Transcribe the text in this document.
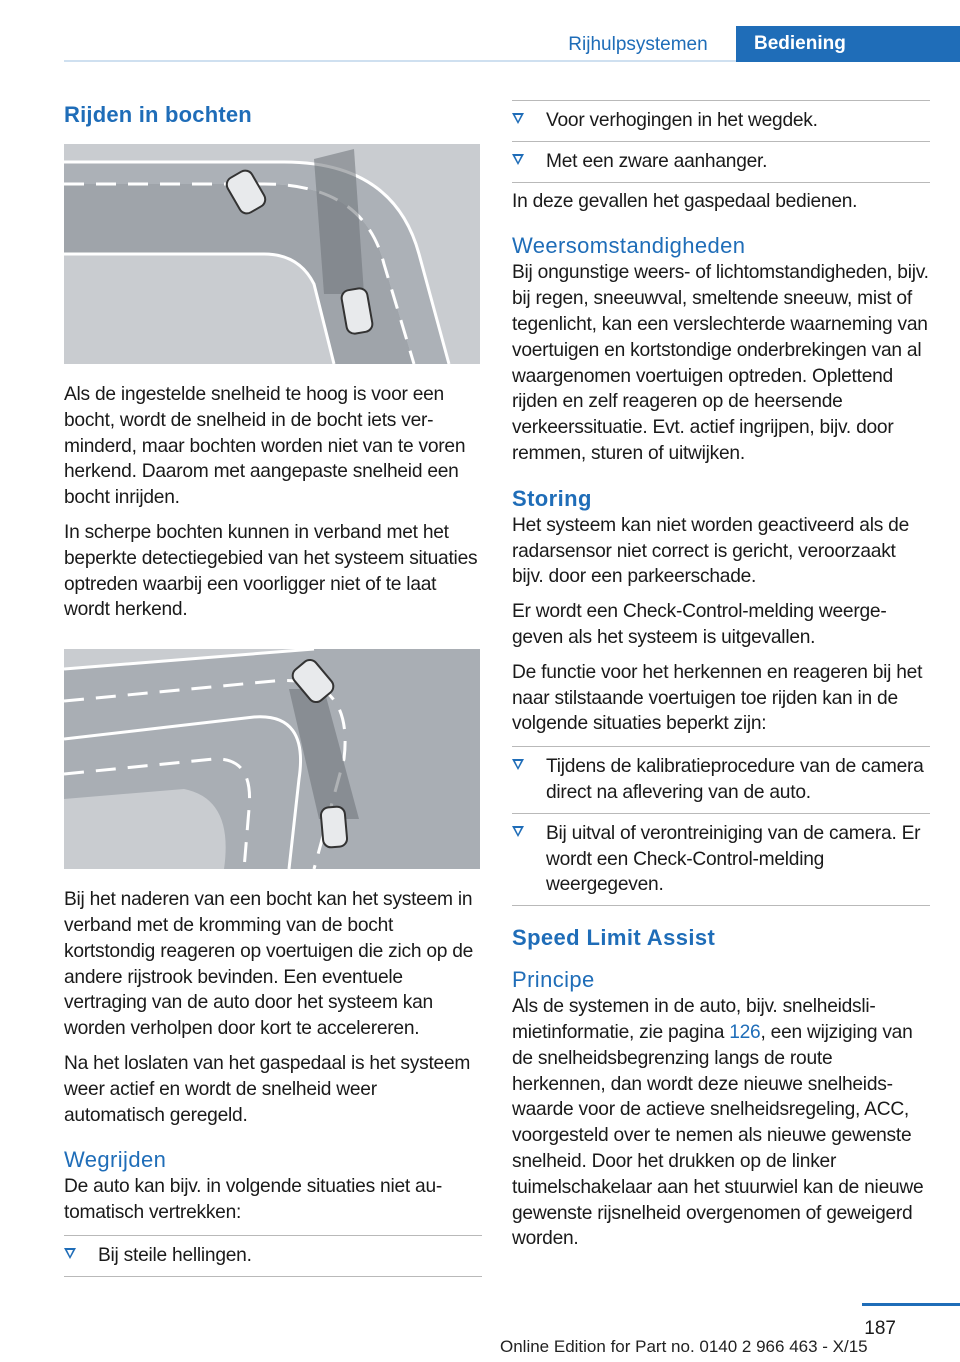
Rijhulpsystemen	Bediening
Rijden in bochten

Als de ingestelde snelheid te hoog is voor een bocht, wordt de snelheid in de bocht iets verminderd, maar bochten worden niet van te voren herkend. Daarom met aangepaste snelheid een bocht inrijden.

In scherpe bochten kunnen in verband met het beperkte detectiegebied van het systeem situaties optreden waarbij een voorligger niet of te laat wordt herkend.

Bij het naderen van een bocht kan het systeem in verband met de kromming van de bocht kortstondig reageren op voertuigen die zich op de andere rijstrook bevinden. Een eventuele vertraging van de auto door het systeem kan worden verholpen door kort te accelereren.

Na het loslaten van het gaspedaal is het systeem weer actief en wordt de snelheid weer automatisch geregeld.

Wegrijden

De auto kan bijv. in volgende situaties niet automatisch vertrekken:

Bij steile hellingen.
Voor verhogingen in het wegdek.
Met een zware aanhanger.

In deze gevallen het gaspedaal bedienen.

Weersomstandigheden

Bij ongunstige weers- of lichtomstandigheden, bijv. bij regen, sneeuwval, smeltende sneeuw, mist of tegenlicht, kan een verslechterde waarneming van voertuigen en kortstondige onderbrekingen van al waargenomen voertuigen optreden. Oplettend rijden en zelf reageren op de heersende verkeerssituatie. Evt. actief ingrijpen, bijv. door remmen, sturen of uitwijken.

Storing

Het systeem kan niet worden geactiveerd als de radarsensor niet correct is gericht, veroorzaakt bijv. door een parkeerschade.

Er wordt een Check-Control-melding weergegeven als het systeem is uitgevallen.

De functie voor het herkennen en reageren bij het naar stilstaande voertuigen toe rijden kan in de volgende situaties beperkt zijn:

Tijdens de kalibratieprocedure van de camera direct na aflevering van de auto.
Bij uitval of verontreiniging van de camera. Er wordt een Check-Control-melding weergegeven.
Speed Limit Assist
Principe

Als de systemen in de auto, bijv. snelheidslimietinformatie, zie pagina 126, een wijziging van de snelheidsbegrenzing langs de route herkennen, dan wordt deze nieuwe snelheidswaarde voor de actieve snelheidsregeling, ACC, voorgesteld over te nemen als nieuwe gewenste snelheid. Door het drukken op de linker tuimelschakelaar aan het stuurwiel kan de nieuwe gewenste rijsnelheid overgenomen of geweigerd worden.

187
Online Edition for Part no. 0140 2 966 463 - X/15
